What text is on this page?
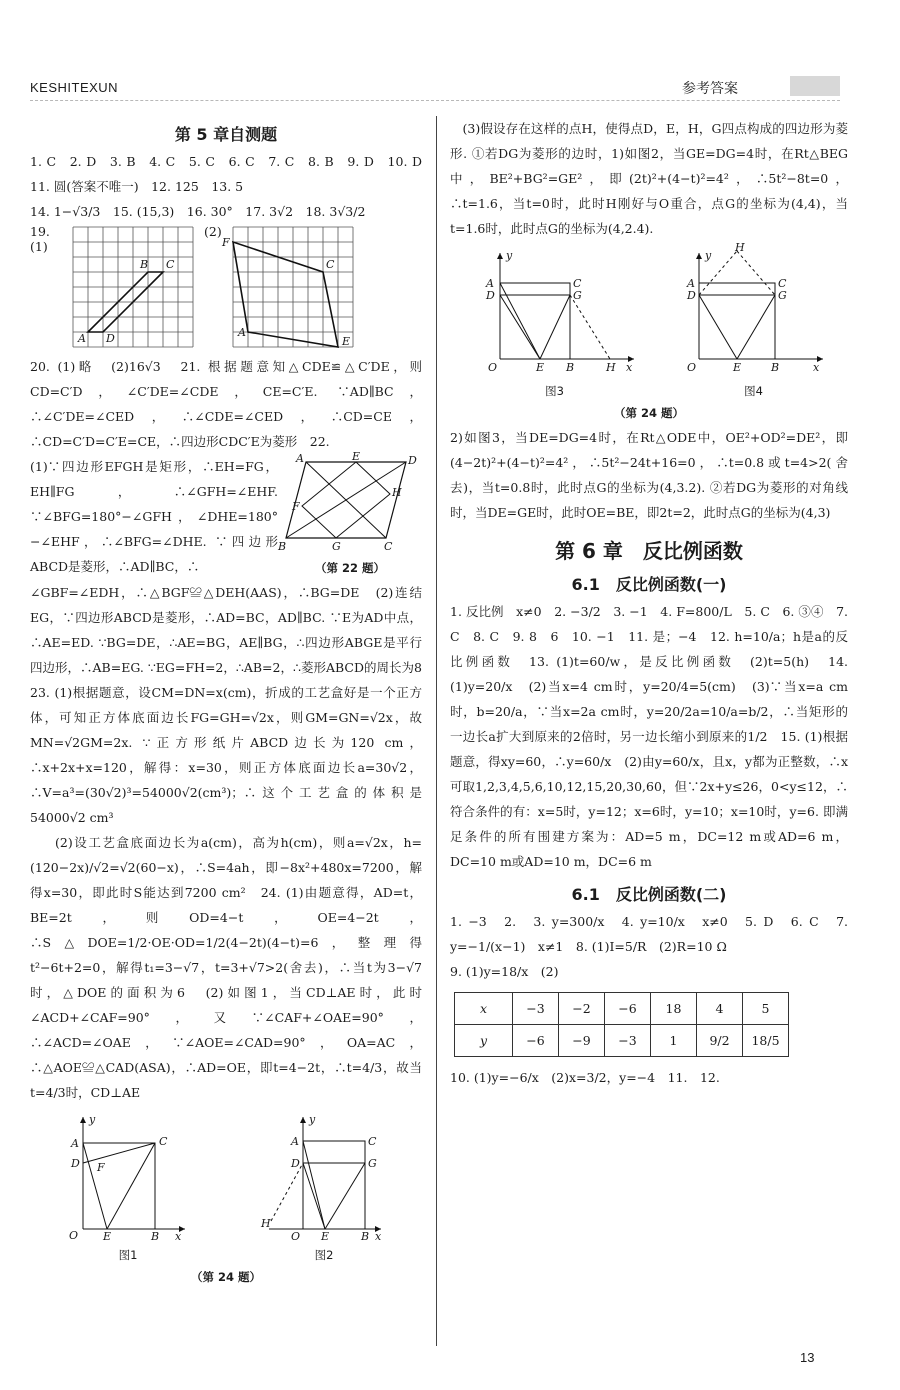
KESHITEXUN	参考答案
第 5 章自测题
1. C　2. D　3. B　4. C　5. C　6. C　7. C　8. B　9. D　10. D　11. 圆(答案不唯一)　12. 125　13. 5
14. 1−√3/3　15. (15,3)　16. 30°　17. 3√2　18. 3√3/2
19. (1)
A D
B C
(2)
F
A
E
C
20. (1)略　(2)16√3　21. 根据题意知△CDE≌△C′DE，则CD=C′D，∠C′DE=∠CDE，CE=C′E. ∵AD∥BC，∴∠C′DE=∠CED，∴∠CDE=∠CED，∴CD=CE，∴CD=C′D=C′E=CE，∴四边形CDC′E为菱形　22.
(1)∵四边形EFGH是矩形，∴EH=FG，EH∥FG，∴∠GFH=∠EHF. ∵∠BFG=180°−∠GFH，∠DHE=180°−∠EHF，∴∠BFG=∠DHE. ∵四边形ABCD是菱形，∴AD∥BC，∴
A	E	D
H
F
B	G	C
（第 22 题）
∠GBF=∠EDH，∴△BGF≌△DEH(AAS)，∴BG=DE　(2)连结EG，∵四边形ABCD是菱形，∴AD=BC，AD∥BC. ∵E为AD中点，∴AE=ED. ∵BG=DE，∴AE=BG，AE∥BG，∴四边形ABGE是平行四边形，∴AB=EG. ∵EG=FH=2，∴AB=2，∴菱形ABCD的周长为8　23. (1)根据题意，设CM=DN=x(cm)，折成的工艺盒好是一个正方体，可知正方体底面边长FG=GH=√2x，则GM=GN=√2x，故MN=√2GM=2x. ∵正方形纸片ABCD边长为120 cm，∴x+2x+x=120，解得：x=30，则正方体底面边长a=30√2，∴V=a³=(30√2)³=54000√2(cm³)；∴这个工艺盒的体积是54000√2 cm³
(2)设工艺盒底面边长为a(cm)，高为h(cm)，则a=√2x，h=(120−2x)/√2=√2(60−x)，∴S=4ah，即−8x²+480x=7200，解得x=30，即此时S能达到7200 cm²　24. (1)由题意得，AD=t，BE=2t，则OD=4−t，OE=4−2t，∴S△DOE=1/2·OE·OD=1/2(4−2t)(4−t)=6，整理得t²−6t+2=0，解得t₁=3−√7，t=3+√7>2(舍去)，∴当t为3−√7时，△DOE的面积为6　(2)如图1，当CD⊥AE时，此时∠ACD+∠CAF=90°，又∵∠CAF+∠OAE=90°，∴∠ACD=∠OAE，∵∠AOE=∠CAD=90°，OA=AC，∴△AOE≌△CAD(ASA)，∴AD=OE，即t=4−2t，∴t=4/3，故当t=4/3时，CD⊥AE
y
A	C
D F
O E	B x
图1
y
A	C
D	G
H
O E	B x
图2
（第 24 题）
(3)假设存在这样的点H，使得点D，E，H，G四点构成的四边形为菱形. ①若DG为菱形的边时，1)如图2，当GE=DG=4时，在Rt△BEG中，BE²+BG²=GE²，即(2t)²+(4−t)²=4²，∴5t²−8t=0，∴t=1.6，当t=0时，此时H刚好与O重合，点G的坐标为(4,4)，当t=1.6时，此时点G的坐标为(4,2.4).
y
A	C
D	G
O	E B	H x
图3
y
H
A	C
D	G
O	E	B	x
图4
（第 24 题）
2)如图3，当DE=DG=4时，在Rt△ODE中，OE²+OD²=DE²，即(4−2t)²+(4−t)²=4²，∴5t²−24t+16=0，∴t=0.8或t=4>2(舍去)，当t=0.8时，此时点G的坐标为(4,3.2). ②若DG为菱形的对角线时，当DE=GE时，此时OE=BE，即2t=2，此时点G的坐标为(4,3)
第 6 章　反比例函数
6.1　反比例函数(一)
1. 反比例　x≠0　2. −3/2　3. −1　4. F=800/L　5. C　6. ③④　7. C　8. C　9. 8　6　10. −1　11. 是；−4　12. h=10/a；h是a的反比例函数　13. (1)t=60/w，是反比例函数　(2)t=5(h)　14. (1)y=20/x　(2)当x=4 cm时，y=20/4=5(cm)　(3)∵当x=a cm时，b=20/a，∵当x=2a cm时，y=20/2a=10/a=b/2，∴当矩形的一边长a扩大到原来的2倍时，另一边长缩小到原来的1/2　15. (1)根据题意，得xy=60，∴y=60/x　(2)由y=60/x，且x，y都为正整数，∴x可取1,2,3,4,5,6,10,12,15,20,30,60，但∵2x+y≤26，0<y≤12，∴符合条件的有：x=5时，y=12；x=6时，y=10；x=10时，y=6. 即满足条件的所有围建方案为：AD=5 m，DC=12 m或AD=6 m，DC=10 m或AD=10 m，DC=6 m
6.1　反比例函数(二)
1. −3　2.　3. y=300/x　4. y=10/x　x≠0　5. D　6. C　7. y=−1/(x−1)　x≠1　8. (1)I=5/R　(2)R=10 Ω
9. (1)y=18/x　(2)
x	−3	−2	−6	18	4	5
y	−6	−9	−3	1	9/2	18/5
10. (1)y=−6/x　(2)x=3/2，y=−4　11.　12.
13
